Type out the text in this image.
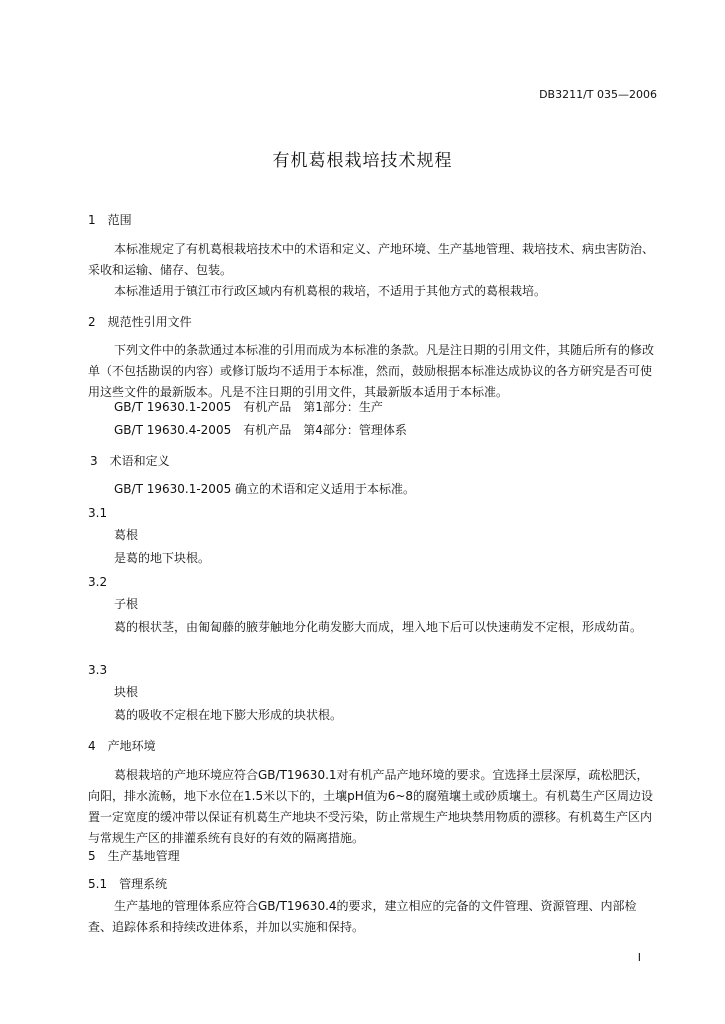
DB3211/T 035—2006
有机葛根栽培技术规程
1　范围
本标准规定了有机葛根栽培技术中的术语和定义、产地环境、生产基地管理、栽培技术、病虫害防治、采收和运输、储存、包装。
本标准适用于镇江市行政区域内有机葛根的栽培，不适用于其他方式的葛根栽培。
2　规范性引用文件
下列文件中的条款通过本标准的引用而成为本标准的条款。凡是注日期的引用文件，其随后所有的修改单（不包括勘误的内容）或修订版均不适用于本标准，然而，鼓励根据本标准达成协议的各方研究是否可使用这些文件的最新版本。凡是不注日期的引用文件，其最新版本适用于本标准。
GB/T 19630.1-2005　有机产品　第1部分：生产
GB/T 19630.4-2005　有机产品　第4部分：管理体系
3　术语和定义
GB/T 19630.1-2005 确立的术语和定义适用于本标准。
3.1
葛根
是葛的地下块根。
3.2
子根
葛的根状茎，由匍匐藤的腋芽触地分化萌发膨大而成，埋入地下后可以快速萌发不定根，形成幼苗。
3.3
块根
葛的吸收不定根在地下膨大形成的块状根。
4　产地环境
葛根栽培的产地环境应符合GB/T19630.1对有机产品产地环境的要求。宜选择土层深厚，疏松肥沃，向阳，排水流畅，地下水位在1.5米以下的，土壤pH值为6~8的腐殖壤土或砂质壤土。有机葛生产区周边设置一定宽度的缓冲带以保证有机葛生产地块不受污染，防止常规生产地块禁用物质的漂移。有机葛生产区内与常规生产区的排灌系统有良好的有效的隔离措施。
5　生产基地管理
5.1　管理系统
生产基地的管理体系应符合GB/T19630.4的要求，建立相应的完备的文件管理、资源管理、内部检查、追踪体系和持续改进体系，并加以实施和保持。
I
